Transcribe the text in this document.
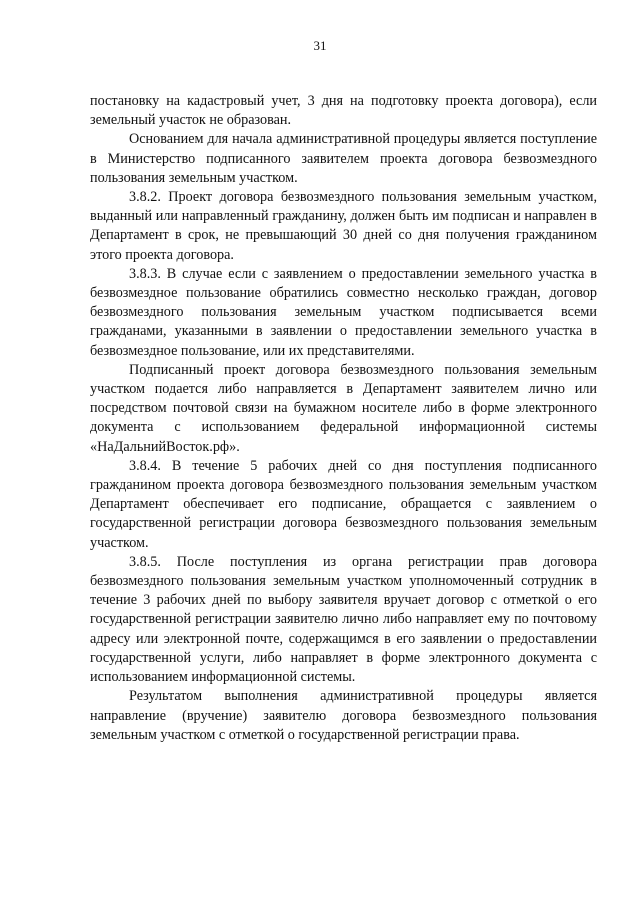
31

постановку на кадастровый учет, 3 дня на подготовку проекта договора), если земельный участок не образован.

Основанием для начала административной процедуры является поступление в Министерство подписанного заявителем проекта договора безвозмездного пользования земельным участком.

3.8.2. Проект договора безвозмездного пользования земельным участком, выданный или направленный гражданину, должен быть им подписан и направлен в Департамент в срок, не превышающий 30 дней со дня получения гражданином этого проекта договора.

3.8.3. В случае если с заявлением о предоставлении земельного участка в безвозмездное пользование обратились совместно несколько граждан, договор безвозмездного пользования земельным участком подписывается всеми гражданами, указанными в заявлении о предоставлении земельного участка в безвозмездное пользование, или их представителями.

Подписанный проект договора безвозмездного пользования земельным участком подается либо направляется в Департамент заявителем лично или посредством почтовой связи на бумажном носителе либо в форме электронного документа с использованием федеральной информационной системы «НаДальнийВосток.рф».

3.8.4. В течение 5 рабочих дней со дня поступления подписанного гражданином проекта договора безвозмездного пользования земельным участком Департамент обеспечивает его подписание, обращается с заявлением о государственной регистрации договора безвозмездного пользования земельным участком.

3.8.5. После поступления из органа регистрации прав договора безвозмездного пользования земельным участком уполномоченный сотрудник в течение 3 рабочих дней по выбору заявителя вручает договор с отметкой о его государственной регистрации заявителю лично либо направляет ему по почтовому адресу или электронной почте, содержащимся в его заявлении о предоставлении государственной услуги, либо направляет в форме электронного документа с использованием информационной системы.

Результатом выполнения административной процедуры является направление (вручение) заявителю договора безвозмездного пользования земельным участком с отметкой о государственной регистрации права.
